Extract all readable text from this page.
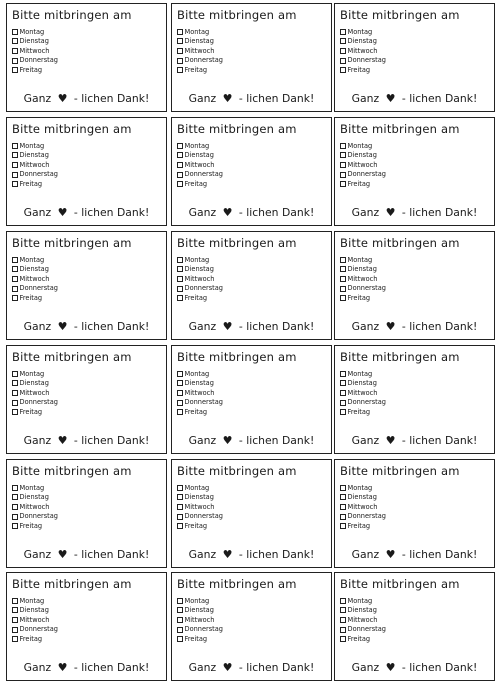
Bitte mitbringen am
Montag
Dienstag
Mittwoch
Donnerstag
Freitag
Ganz ♥ - lichen Dank!
Bitte mitbringen am
Montag
Dienstag
Mittwoch
Donnerstag
Freitag
Ganz ♥ - lichen Dank!
Bitte mitbringen am
Montag
Dienstag
Mittwoch
Donnerstag
Freitag
Ganz ♥ - lichen Dank!
Bitte mitbringen am
Montag
Dienstag
Mittwoch
Donnerstag
Freitag
Ganz ♥ - lichen Dank!
Bitte mitbringen am
Montag
Dienstag
Mittwoch
Donnerstag
Freitag
Ganz ♥ - lichen Dank!
Bitte mitbringen am
Montag
Dienstag
Mittwoch
Donnerstag
Freitag
Ganz ♥ - lichen Dank!
Bitte mitbringen am
Montag
Dienstag
Mittwoch
Donnerstag
Freitag
Ganz ♥ - lichen Dank!
Bitte mitbringen am
Montag
Dienstag
Mittwoch
Donnerstag
Freitag
Ganz ♥ - lichen Dank!
Bitte mitbringen am
Montag
Dienstag
Mittwoch
Donnerstag
Freitag
Ganz ♥ - lichen Dank!
Bitte mitbringen am
Montag
Dienstag
Mittwoch
Donnerstag
Freitag
Ganz ♥ - lichen Dank!
Bitte mitbringen am
Montag
Dienstag
Mittwoch
Donnerstag
Freitag
Ganz ♥ - lichen Dank!
Bitte mitbringen am
Montag
Dienstag
Mittwoch
Donnerstag
Freitag
Ganz ♥ - lichen Dank!
Bitte mitbringen am
Montag
Dienstag
Mittwoch
Donnerstag
Freitag
Ganz ♥ - lichen Dank!
Bitte mitbringen am
Montag
Dienstag
Mittwoch
Donnerstag
Freitag
Ganz ♥ - lichen Dank!
Bitte mitbringen am
Montag
Dienstag
Mittwoch
Donnerstag
Freitag
Ganz ♥ - lichen Dank!
Bitte mitbringen am
Montag
Dienstag
Mittwoch
Donnerstag
Freitag
Ganz ♥ - lichen Dank!
Bitte mitbringen am
Montag
Dienstag
Mittwoch
Donnerstag
Freitag
Ganz ♥ - lichen Dank!
Bitte mitbringen am
Montag
Dienstag
Mittwoch
Donnerstag
Freitag
Ganz ♥ - lichen Dank!
